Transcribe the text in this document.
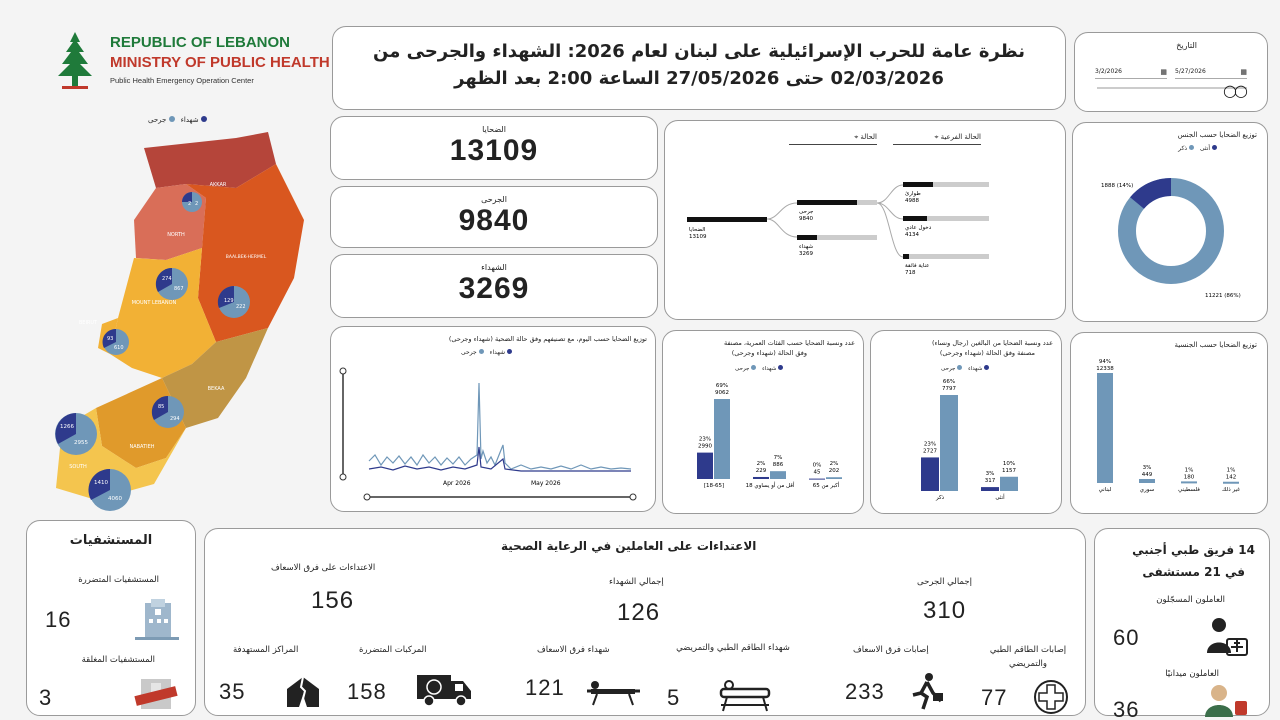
REPUBLIC OF LEBANON
MINISTRY OF PUBLIC HEALTH
Public Health Emergency Operation Center
شهداء
جرحى
AKKAR
NORTH
BAALBEK-HERMEL
MOUNT LEBANON
BEIRUT
BEKAA
NABATIEH
SOUTH
2 2
274
867
129
222
93
610
85
294
1266
2955
1410
4060
نظرة عامة للحرب الإسرائيلية على لبنان لعام 2026: الشهداء والجرحى من
02/03/2026 حتى 27/05/2026 الساعة 2:00 بعد الظهر
التاريخ
3/2/2026	▦ 5/27/2026	▦
○○
الضحايا
13109
الجرحى
9840
الشهداء
3269
الحالة ⌖	الحالة الفرعية ⌖
الضحايا
13109
جرحى
9840
شهداء
3269
طوارئ
4988
دخول عادي
4134
عناية فائقة
718
توزيع الضحايا حسب الجنس
أنثى
ذكر
1888 (14%)
11221 (86%)
توزيع الضحايا حسب اليوم، مع تصنيفهم وفق حالة الضحية (شهداء وجرحى)
شهداء
جرحى
Apr 2026	May 2026
عدد ونسبة الضحايا حسب الفئات العمرية، مصنفة
وفق الحالة (شهداء وجرحى)
شهداء
جرحى
23%
2990
69%
9062
[18-65]
2%
229
7%
886
أقل من أو يساوي 18
0%
45
2%
202
أكبر من 65
عدد ونسبة الضحايا من البالغين (رجال ونساء)
مصنفة وفق الحالة (شهداء وجرحى)
شهداء
جرحى
23%
2727
66%
7797
ذكر
3%
317
10%
1157
أنثى
توزيع الضحايا حسب الجنسية
94%
12338
لبناني
3%
449
سوري
1%
180
فلسطيني
1%
142
غير ذلك
المستشفيات
المستشفيات المتضررة
16
المستشفيات المغلقة
3
الاعتداءات على العاملين في الرعاية الصحية
الاعتداءات على فرق الاسعاف
156
إجمالي الشهداء
126
إجمالي الجرحى
310
المراكز المستهدفة
35
المركبات المتضررة
158
شهداء فرق الاسعاف
121
شهداء الطاقم الطبي والتمريضي
5
إصابات فرق الاسعاف
233
إصابات الطاقم الطبي والتمريضي
77
14 فريق طبي أجنبي
في 21 مستشفى
العاملون المسجّلون
60
العاملون ميدانيًا
36
